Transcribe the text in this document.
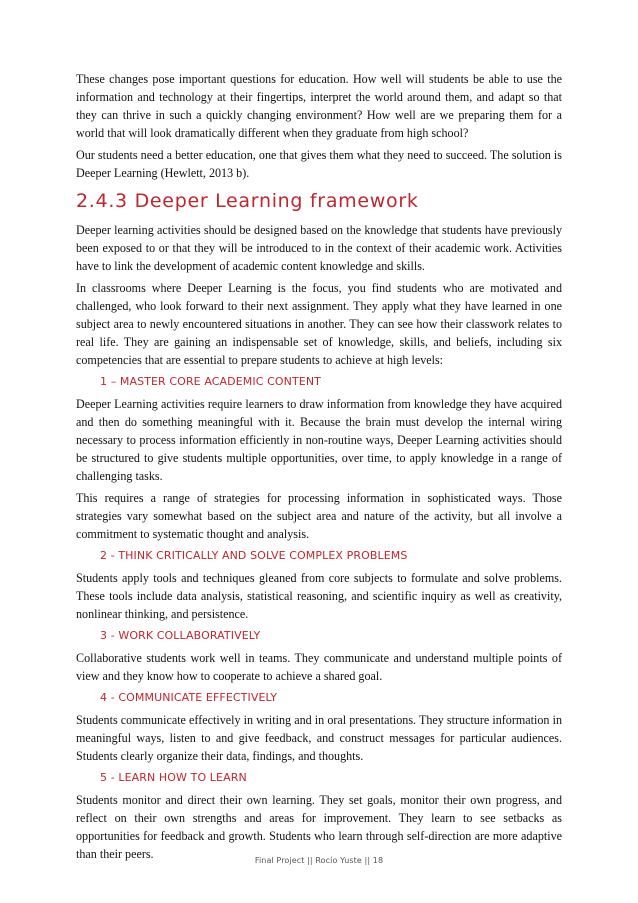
These changes pose important questions for education. How well will students be able to use the information and technology at their fingertips, interpret the world around them, and adapt so that they can thrive in such a quickly changing environment? How well are we preparing them for a world that will look dramatically different when they graduate from high school?

Our students need a better education, one that gives them what they need to succeed. The solution is Deeper Learning (Hewlett, 2013 b).

2.4.3 Deeper Learning framework

Deeper learning activities should be designed based on the knowledge that students have previously been exposed to or that they will be introduced to in the context of their academic work. Activities have to link the development of academic content knowledge and skills.

In classrooms where Deeper Learning is the focus, you find students who are motivated and challenged, who look forward to their next assignment. They apply what they have learned in one subject area to newly encountered situations in another. They can see how their classwork relates to real life. They are gaining an indispensable set of knowledge, skills, and beliefs, including six competencies that are essential to prepare students to achieve at high levels:

1 – MASTER CORE ACADEMIC CONTENT

Deeper Learning activities require learners to draw information from knowledge they have acquired and then do something meaningful with it. Because the brain must develop the internal wiring necessary to process information efficiently in non-routine ways, Deeper Learning activities should be structured to give students multiple opportunities, over time, to apply knowledge in a range of challenging tasks.

This requires a range of strategies for processing information in sophisticated ways. Those strategies vary somewhat based on the subject area and nature of the activity, but all involve a commitment to systematic thought and analysis.

2 - THINK CRITICALLY AND SOLVE COMPLEX PROBLEMS

Students apply tools and techniques gleaned from core subjects to formulate and solve problems. These tools include data analysis, statistical reasoning, and scientific inquiry as well as creativity, nonlinear thinking, and persistence.

3 - WORK COLLABORATIVELY

Collaborative students work well in teams. They communicate and understand multiple points of view and they know how to cooperate to achieve a shared goal.

4 - COMMUNICATE EFFECTIVELY

Students communicate effectively in writing and in oral presentations. They structure information in meaningful ways, listen to and give feedback, and construct messages for particular audiences. Students clearly organize their data, findings, and thoughts.

5 - LEARN HOW TO LEARN

Students monitor and direct their own learning. They set goals, monitor their own progress, and reflect on their own strengths and areas for improvement. They learn to see setbacks as opportunities for feedback and growth. Students who learn through self-direction are more adaptive than their peers.	Final Project || Rocío Yuste || 18
